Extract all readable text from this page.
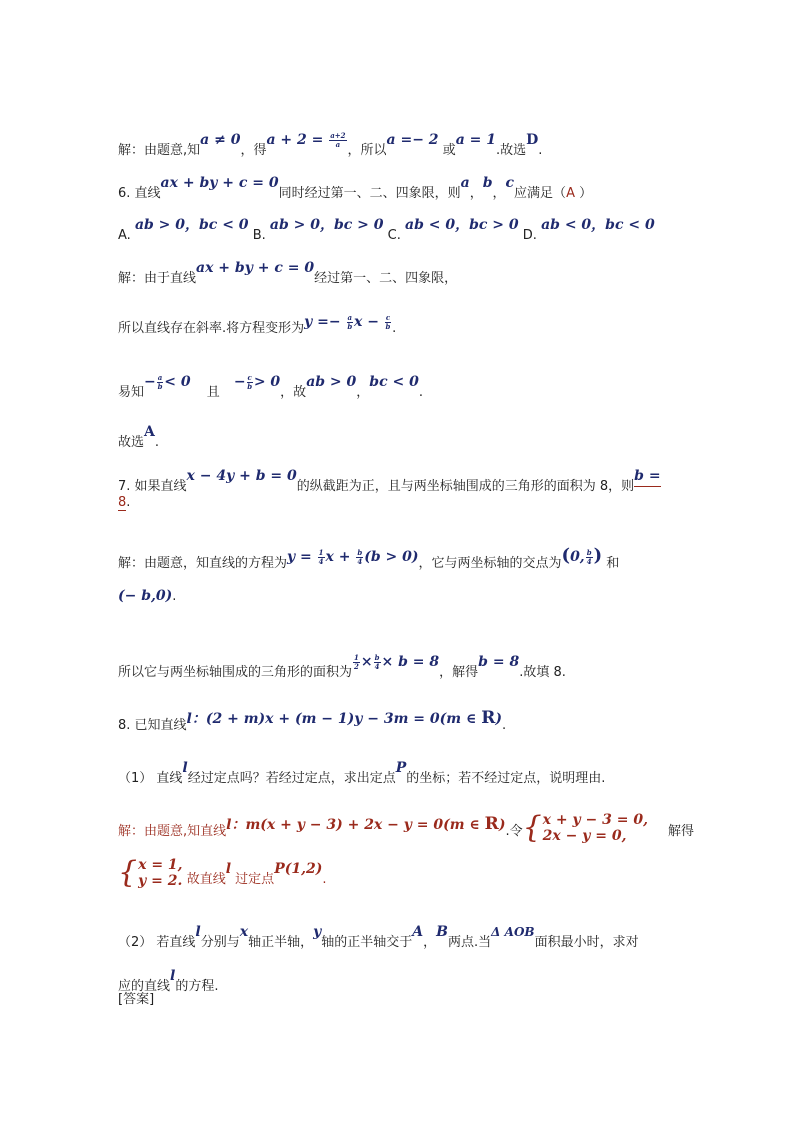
解：由题意,知a ≠ 0，得$a + 2 = \frac{a+2}{a}$
，所以a =− 2 或a = 1.故选D.
6. 直线ax + by + c = 0同时经过第一、二、四象限，则a，b，c应满足（A ）
A. ab > 0，bc < 0 B. ab > 0，bc > 0 C. ab < 0，bc > 0 D. ab < 0，bc < 0
解：由于直线ax + by + c = 0经过第一、二、四象限，
所以直线存在斜率.将方程变形为$y =- \frac{a}{b}$ $x - \frac{c}{b}$ .
易知− $\frac{a}{b} < 0$ 且− $\frac{c}{b} > 0$，故ab > 0，bc < 0.
故选A.
7. 如果直线x − 4y + b = 0的纵截距为正，且与两坐标轴围成的三角形的面积为 8，则b =
8.
解：由题意，知直线的方程为$y = \frac{1}{4}$ $x + \frac{b}{4} (b > 0)$，它与两坐标轴的交点为(0, $\frac{b}{4}$ ) 和
(− b,0).
所以它与两坐标轴围成的三角形的面积为
$\frac{1}{2} \times \frac{b}{4} \times b = 8$，解得b = 8.故填 8.
8. 已知直线l：(2 + m)x + (m − 1)y − 3m = 0(m ∈ R).
（1） 直线l经过定点吗？若经过定点，求出定点P的坐标；若不经过定点，说明理由.
解：由题意,知直线l：m(x + y − 3) + 2x − y = 0(m ∈ R).令 { x + y − 3 = 0,
2x − y = 0,	解得
{ x = 1,
y = 2. 故直线l 过定点P(1,2).
（2） 若直线l分别与x轴正半轴，y轴的正半轴交于A，B两点.当Δ AOB面积最小时，求对
应的直线l的方程.
[答案]
